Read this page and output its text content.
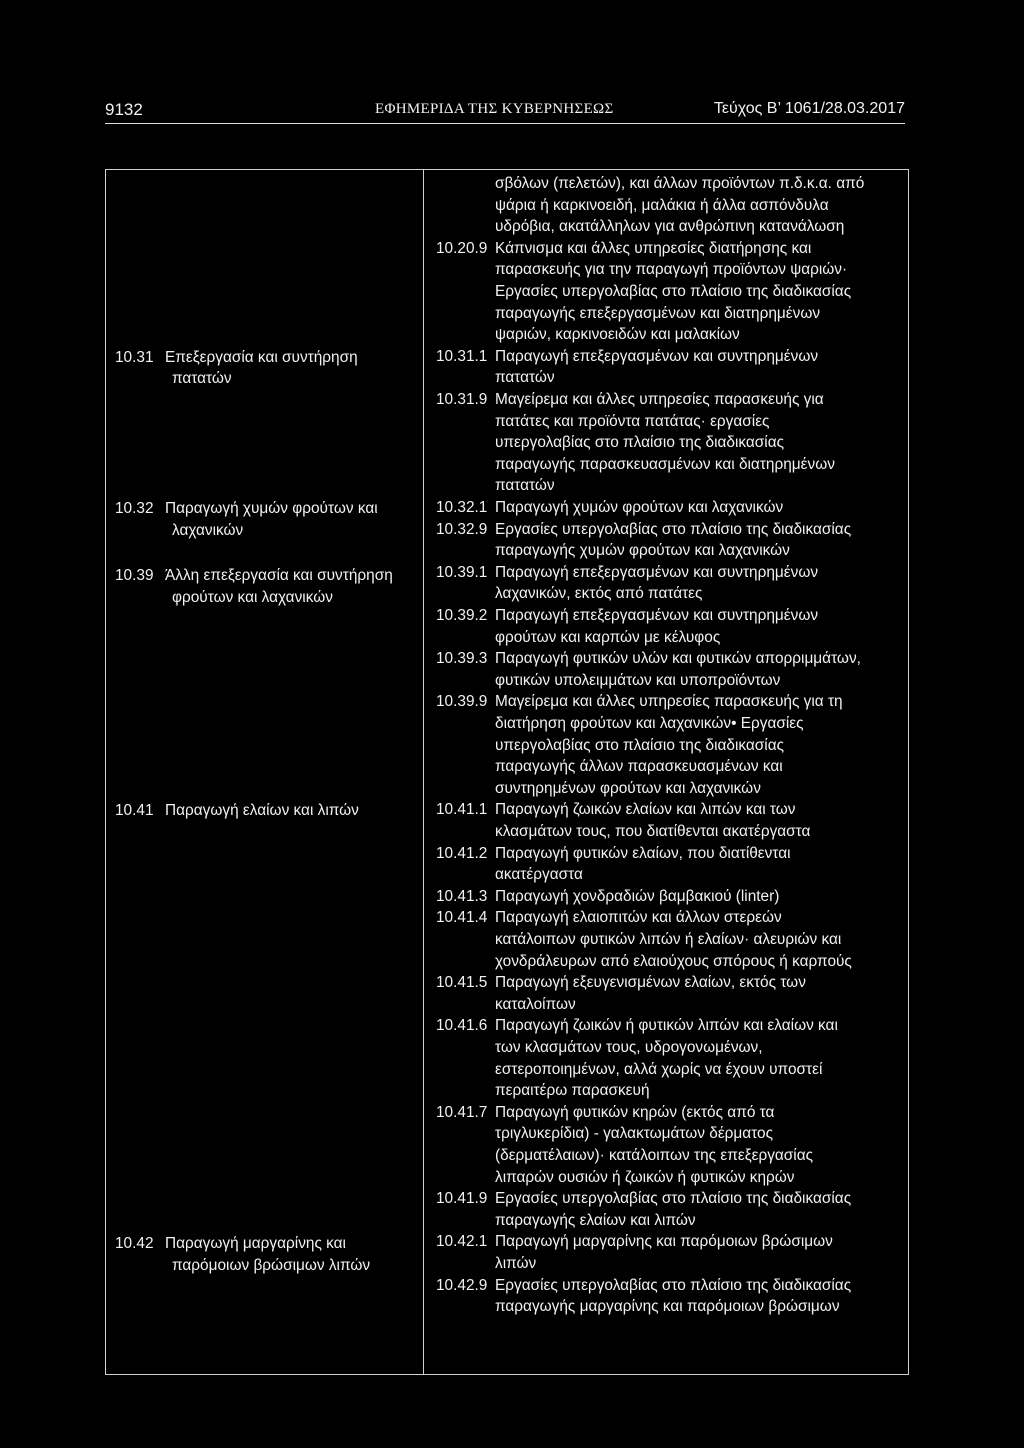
9132	ΕΦΗΜΕΡΙΔΑ ΤΗΣ ΚΥΒΕΡΝΗΣΕΩΣ	Τεύχος Β’ 1061/28.03.2017
10.31 Επεξεργασία και συντήρηση
πατατών
10.32 Παραγωγή χυμών φρούτων και
λαχανικών
10.39 Άλλη επεξεργασία και συντήρηση
φρούτων και λαχανικών
10.41 Παραγωγή ελαίων και λιπών
10.42 Παραγωγή μαργαρίνης και
παρόμοιων βρώσιμων λιπών
σβόλων (πελετών), και άλλων προϊόντων π.δ.κ.α. από
ψάρια ή καρκινοειδή, μαλάκια ή άλλα ασπόνδυλα
υδρόβια, ακατάλληλων για ανθρώπινη κατανάλωση
10.20.9 Κάπνισμα και άλλες υπηρεσίες διατήρησης και
παρασκευής για την παραγωγή προϊόντων ψαριών·
Εργασίες υπεργολαβίας στο πλαίσιο της διαδικασίας
παραγωγής επεξεργασμένων και διατηρημένων
ψαριών, καρκινοειδών και μαλακίων
10.31.1 Παραγωγή επεξεργασμένων και συντηρημένων
πατατών
10.31.9 Μαγείρεμα και άλλες υπηρεσίες παρασκευής για
πατάτες και προϊόντα πατάτας· εργασίες
υπεργολαβίας στο πλαίσιο της διαδικασίας
παραγωγής παρασκευασμένων και διατηρημένων
πατατών
10.32.1 Παραγωγή χυμών φρούτων και λαχανικών
10.32.9 Εργασίες υπεργολαβίας στο πλαίσιο της διαδικασίας
παραγωγής χυμών φρούτων και λαχανικών
10.39.1 Παραγωγή επεξεργασμένων και συντηρημένων
λαχανικών, εκτός από πατάτες
10.39.2 Παραγωγή επεξεργασμένων και συντηρημένων
φρούτων και καρπών με κέλυφος
10.39.3 Παραγωγή φυτικών υλών και φυτικών απορριμμάτων,
φυτικών υπολειμμάτων και υποπροϊόντων
10.39.9 Μαγείρεμα και άλλες υπηρεσίες παρασκευής για τη
διατήρηση φρούτων και λαχανικών• Εργασίες
υπεργολαβίας στο πλαίσιο της διαδικασίας
παραγωγής άλλων παρασκευασμένων και
συντηρημένων φρούτων και λαχανικών
10.41.1 Παραγωγή ζωικών ελαίων και λιπών και των
κλασμάτων τους, που διατίθενται ακατέργαστα
10.41.2 Παραγωγή φυτικών ελαίων, που διατίθενται
ακατέργαστα
10.41.3 Παραγωγή χονδραδιών βαμβακιού (linter)
10.41.4 Παραγωγή ελαιοπιτών και άλλων στερεών
κατάλοιπων φυτικών λιπών ή ελαίων· αλευριών και
χονδράλευρων από ελαιούχους σπόρους ή καρπούς
10.41.5 Παραγωγή εξευγενισμένων ελαίων, εκτός των
καταλοίπων
10.41.6 Παραγωγή ζωικών ή φυτικών λιπών και ελαίων και
των κλασμάτων τους, υδρογονωμένων,
εστεροποιημένων, αλλά χωρίς να έχουν υποστεί
περαιτέρω παρασκευή
10.41.7 Παραγωγή φυτικών κηρών (εκτός από τα
τριγλυκερίδια) - γαλακτωμάτων δέρματος
(δερματέλαιων)· κατάλοιπων της επεξεργασίας
λιπαρών ουσιών ή ζωικών ή φυτικών κηρών
10.41.9 Εργασίες υπεργολαβίας στο πλαίσιο της διαδικασίας
παραγωγής ελαίων και λιπών
10.42.1 Παραγωγή μαργαρίνης και παρόμοιων βρώσιμων
λιπών
10.42.9 Εργασίες υπεργολαβίας στο πλαίσιο της διαδικασίας
παραγωγής μαργαρίνης και παρόμοιων βρώσιμων
